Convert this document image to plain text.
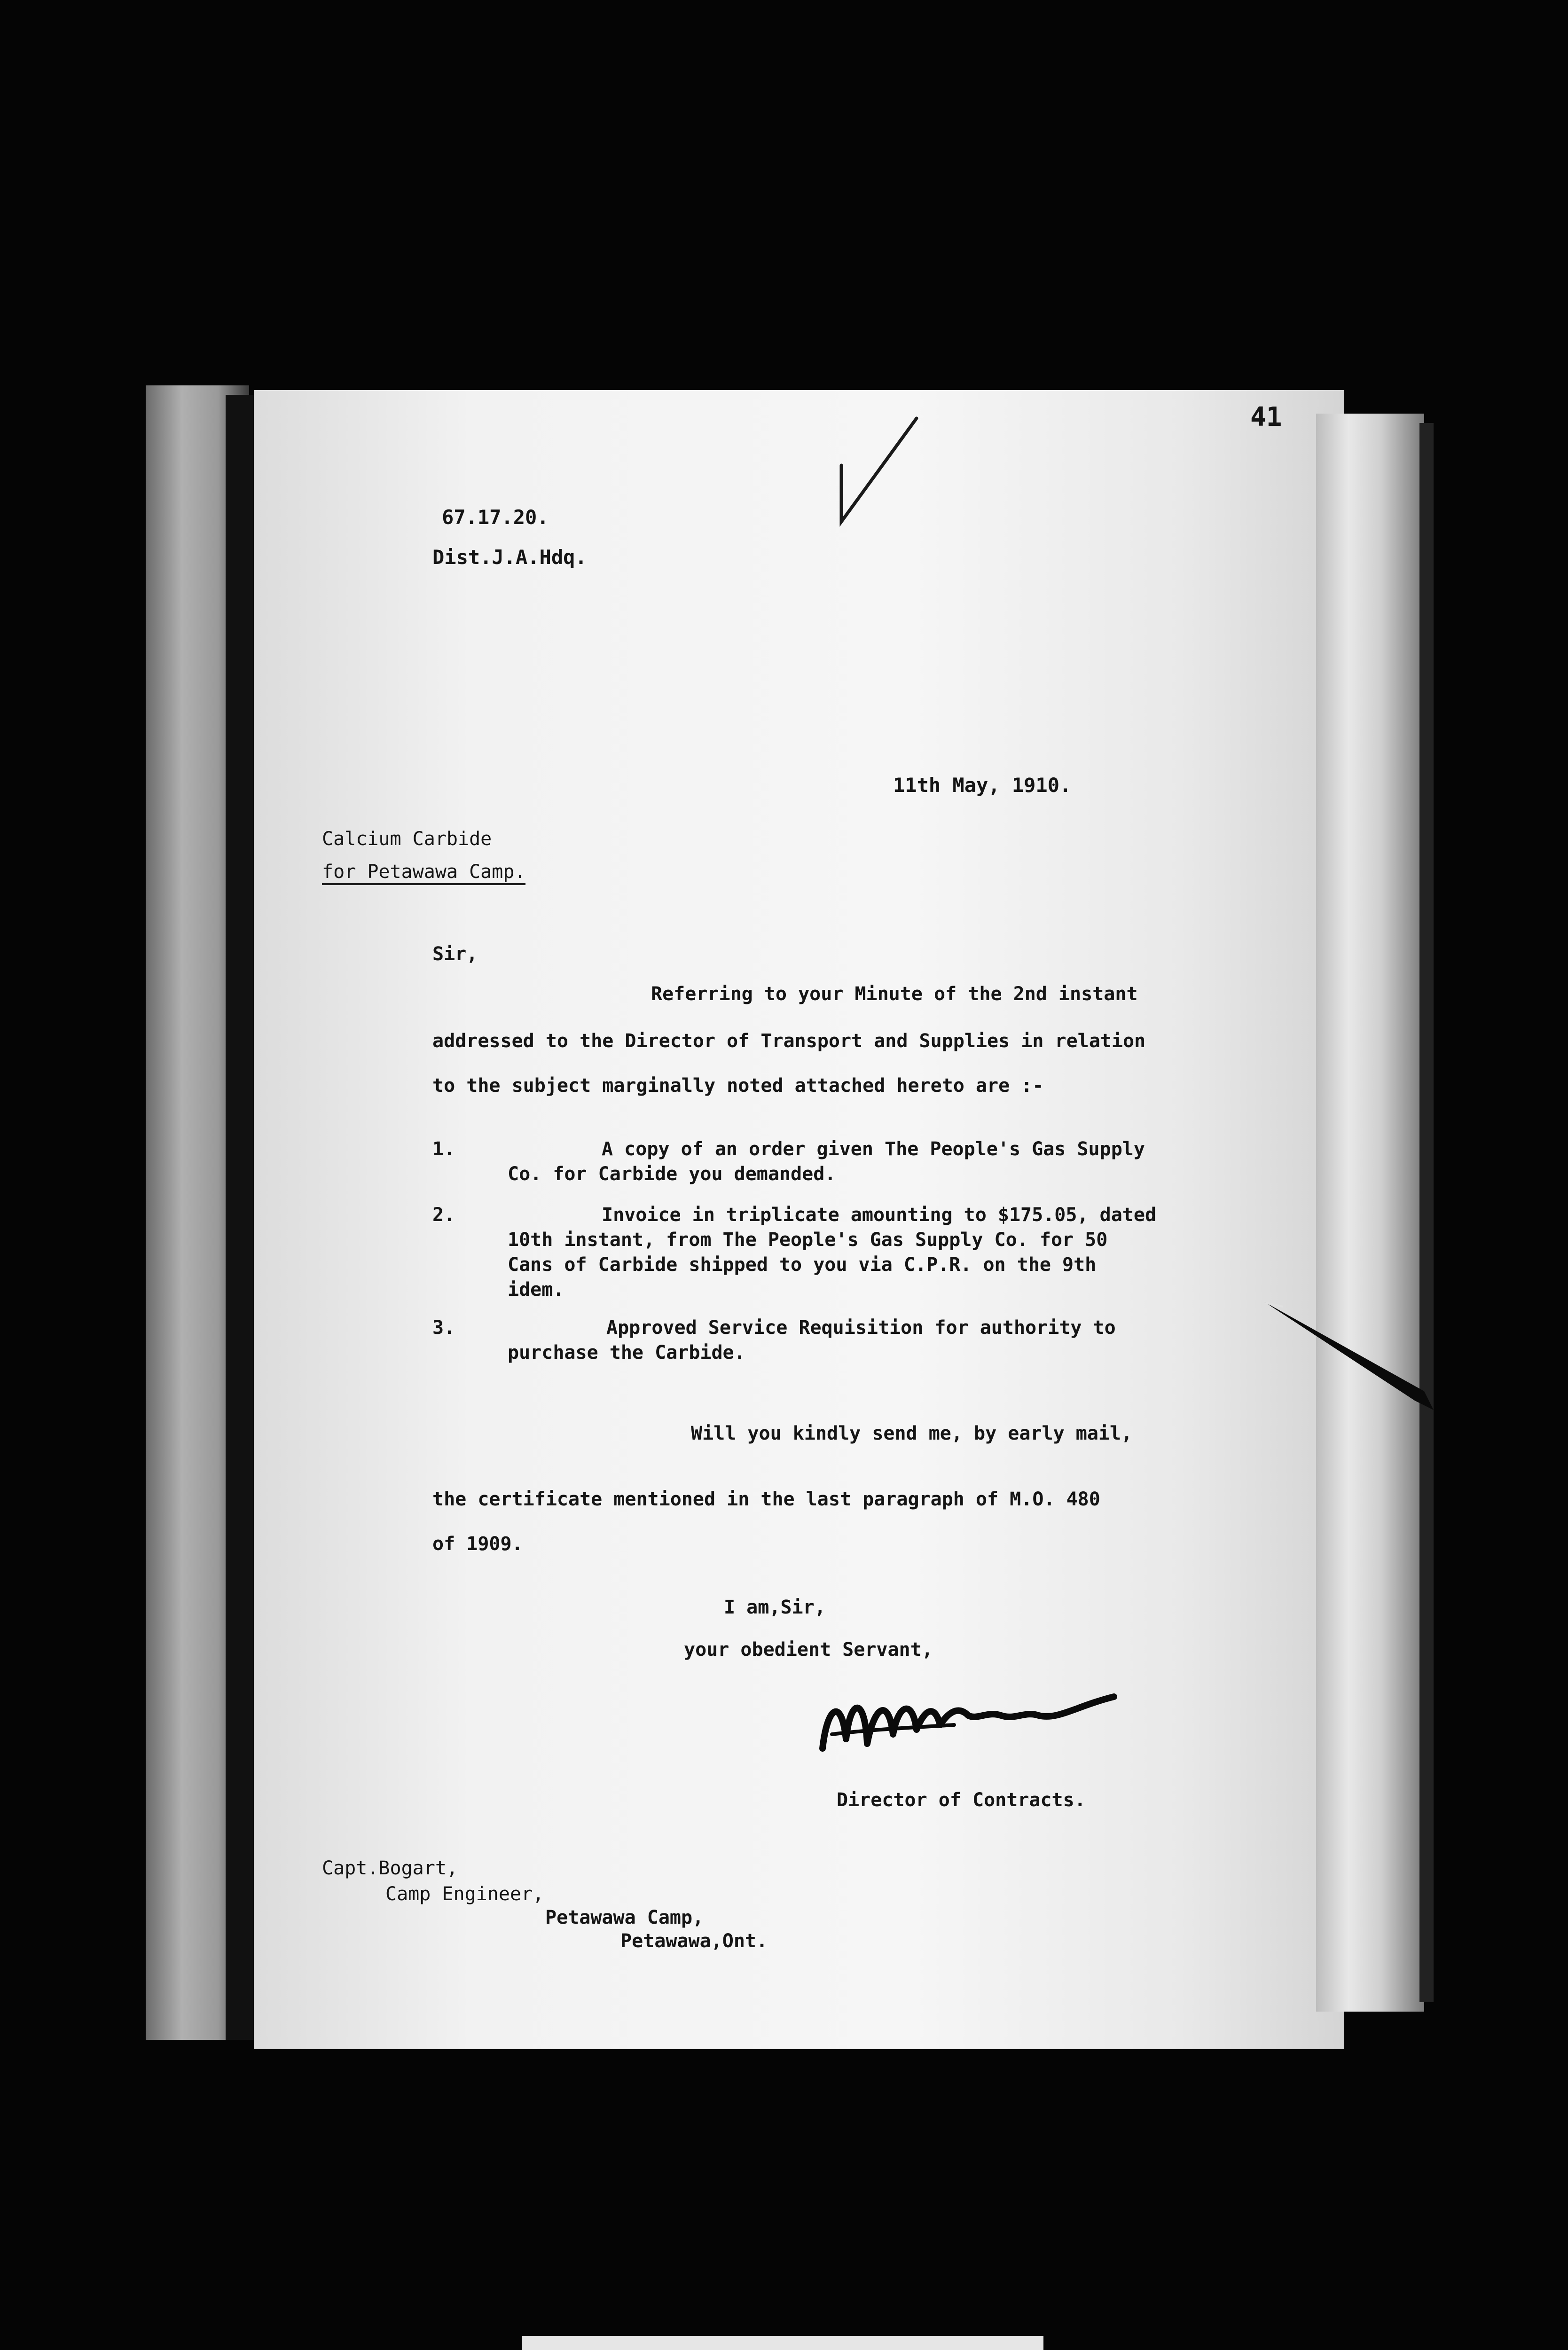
41
67.17.20.
Dist.J.A.Hdq.
11th May, 1910.
Calcium Carbide
for Petawawa Camp.
Sir,
Referring to your Minute of the 2nd instant
addressed to the Director of Transport and Supplies in relation
to the subject marginally noted attached hereto are :-
1.	A copy of an order given The People's Gas Supply
Co. for Carbide you demanded.
2.	Invoice in triplicate amounting to $175.05, dated
10th instant, from The People's Gas Supply Co. for 50
Cans of Carbide shipped to you via C.P.R. on the 9th
idem.
3.	Approved Service Requisition for authority to
purchase the Carbide.
Will you kindly send me, by early mail,
the certificate mentioned in the last paragraph of M.O. 480
of 1909.
I am,Sir,
your obedient Servant,
Director of Contracts.
Capt.Bogart,
Camp Engineer,
Petawawa Camp,
Petawawa,Ont.
